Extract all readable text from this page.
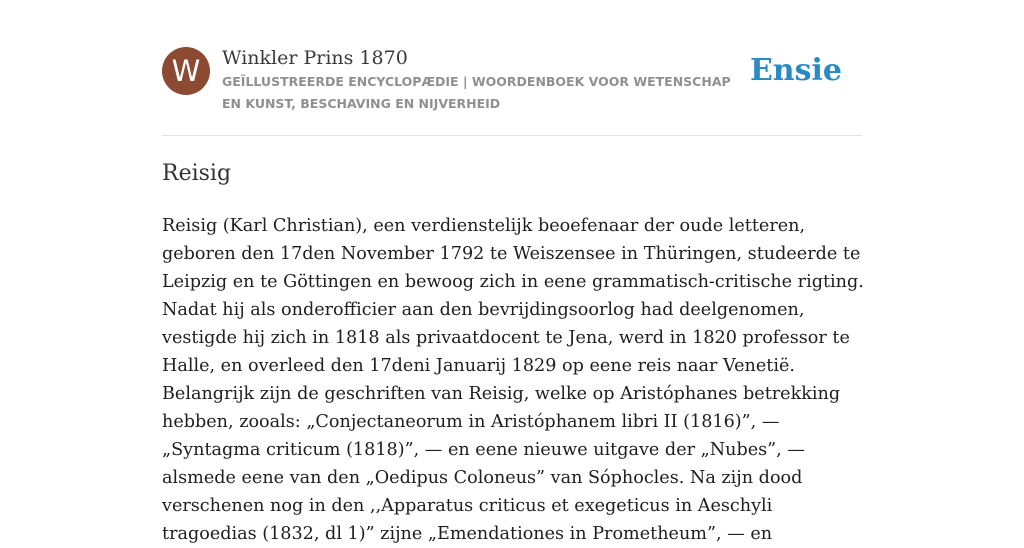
W	Winkler Prins 1870
GEÏLLUSTREERDE ENCYCLOPÆDIE | WOORDENBOEK VOOR WETENSCHAP EN KUNST, BESCHAVING EN NIJVERHEID
Ensie
Reisig

Reisig (Karl Christian), een verdienstelijk beoefenaar der oude letteren, geboren den 17den November 1792 te Weiszensee in Thüringen, studeerde te Leipzig en te Göttingen en bewoog zich in eene grammatisch-critische rigting. Nadat hij als onderofficier aan den bevrijdingsoorlog had deelgenomen, vestigde hij zich in 1818 als privaatdocent te Jena, werd in 1820 professor te Halle, en overleed den 17deni Januarij 1829 op eene reis naar Venetië. Belangrijk zijn de geschriften van Reisig, welke op Aristóphanes betrekking hebben, zooals: „Conjectaneorum in Aristóphanem libri II (1816)”, — „Syntagma criticum (1818)”, — en eene nieuwe uitgave der „Nubes”, — alsmede eene van den „Oedipus Coloneus” van Sóphocles. Na zijn dood verschenen nog in den ,,Apparatus criticus et exegeticus in Aeschyli tragoedias (1832, dl 1)” zijne „Emendationes in Prometheum”, — en
